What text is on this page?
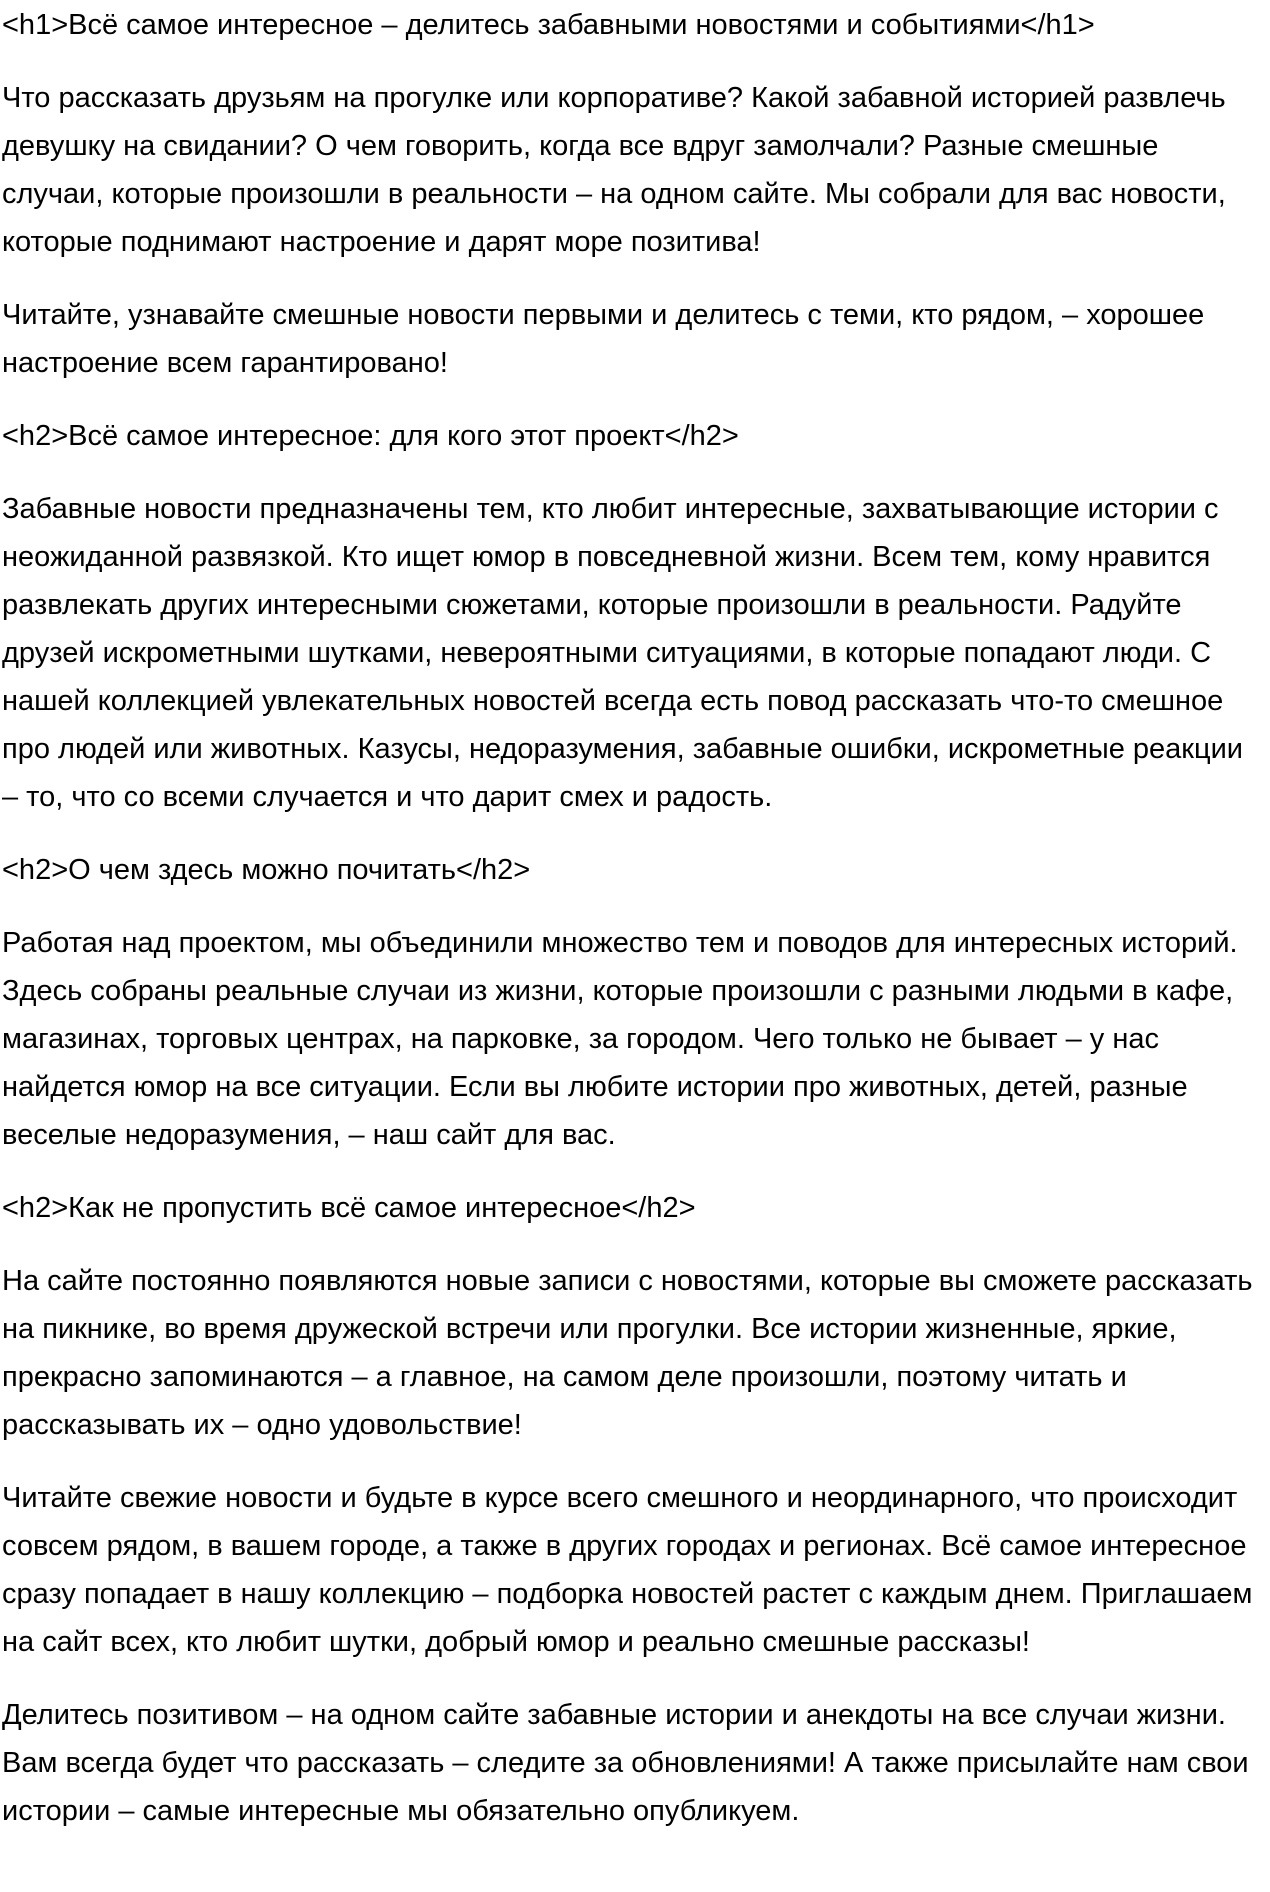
<h1>Всё самое интересное – делитесь забавными новостями и событиями</h1>

Что рассказать друзьям на прогулке или корпоративе? Какой забавной историей развлечь девушку на свидании? О чем говорить, когда все вдруг замолчали? Разные смешные случаи, которые произошли в реальности – на одном сайте. Мы собрали для вас новости, которые поднимают настроение и дарят море позитива!

Читайте, узнавайте смешные новости первыми и делитесь с теми, кто рядом, – хорошее настроение всем гарантировано!

<h2>Всё самое интересное: для кого этот проект</h2>

Забавные новости предназначены тем, кто любит интересные, захватывающие истории с неожиданной развязкой. Кто ищет юмор в повседневной жизни. Всем тем, кому нравится развлекать других интересными сюжетами, которые произошли в реальности. Радуйте друзей искрометными шутками, невероятными ситуациями, в которые попадают люди. С нашей коллекцией увлекательных новостей всегда есть повод рассказать что-то смешное про людей или животных. Казусы, недоразумения, забавные ошибки, искрометные реакции – то, что со всеми случается и что дарит смех и радость.

<h2>О чем здесь можно почитать</h2>

Работая над проектом, мы объединили множество тем и поводов для интересных историй. Здесь собраны реальные случаи из жизни, которые произошли с разными людьми в кафе, магазинах, торговых центрах, на парковке, за городом. Чего только не бывает – у нас найдется юмор на все ситуации. Если вы любите истории про животных, детей, разные веселые недоразумения, – наш сайт для вас.

<h2>Как не пропустить всё самое интересное</h2>

На сайте постоянно появляются новые записи с новостями, которые вы сможете рассказать на пикнике, во время дружеской встречи или прогулки. Все истории жизненные, яркие, прекрасно запоминаются – а главное, на самом деле произошли, поэтому читать и рассказывать их – одно удовольствие!

Читайте свежие новости и будьте в курсе всего смешного и неординарного, что происходит совсем рядом, в вашем городе, а также в других городах и регионах. Всё самое интересное сразу попадает в нашу коллекцию – подборка новостей растет с каждым днем. Приглашаем на сайт всех, кто любит шутки, добрый юмор и реально смешные рассказы!

Делитесь позитивом – на одном сайте забавные истории и анекдоты на все случаи жизни. Вам всегда будет что рассказать – следите за обновлениями! А также присылайте нам свои истории – самые интересные мы обязательно опубликуем.
